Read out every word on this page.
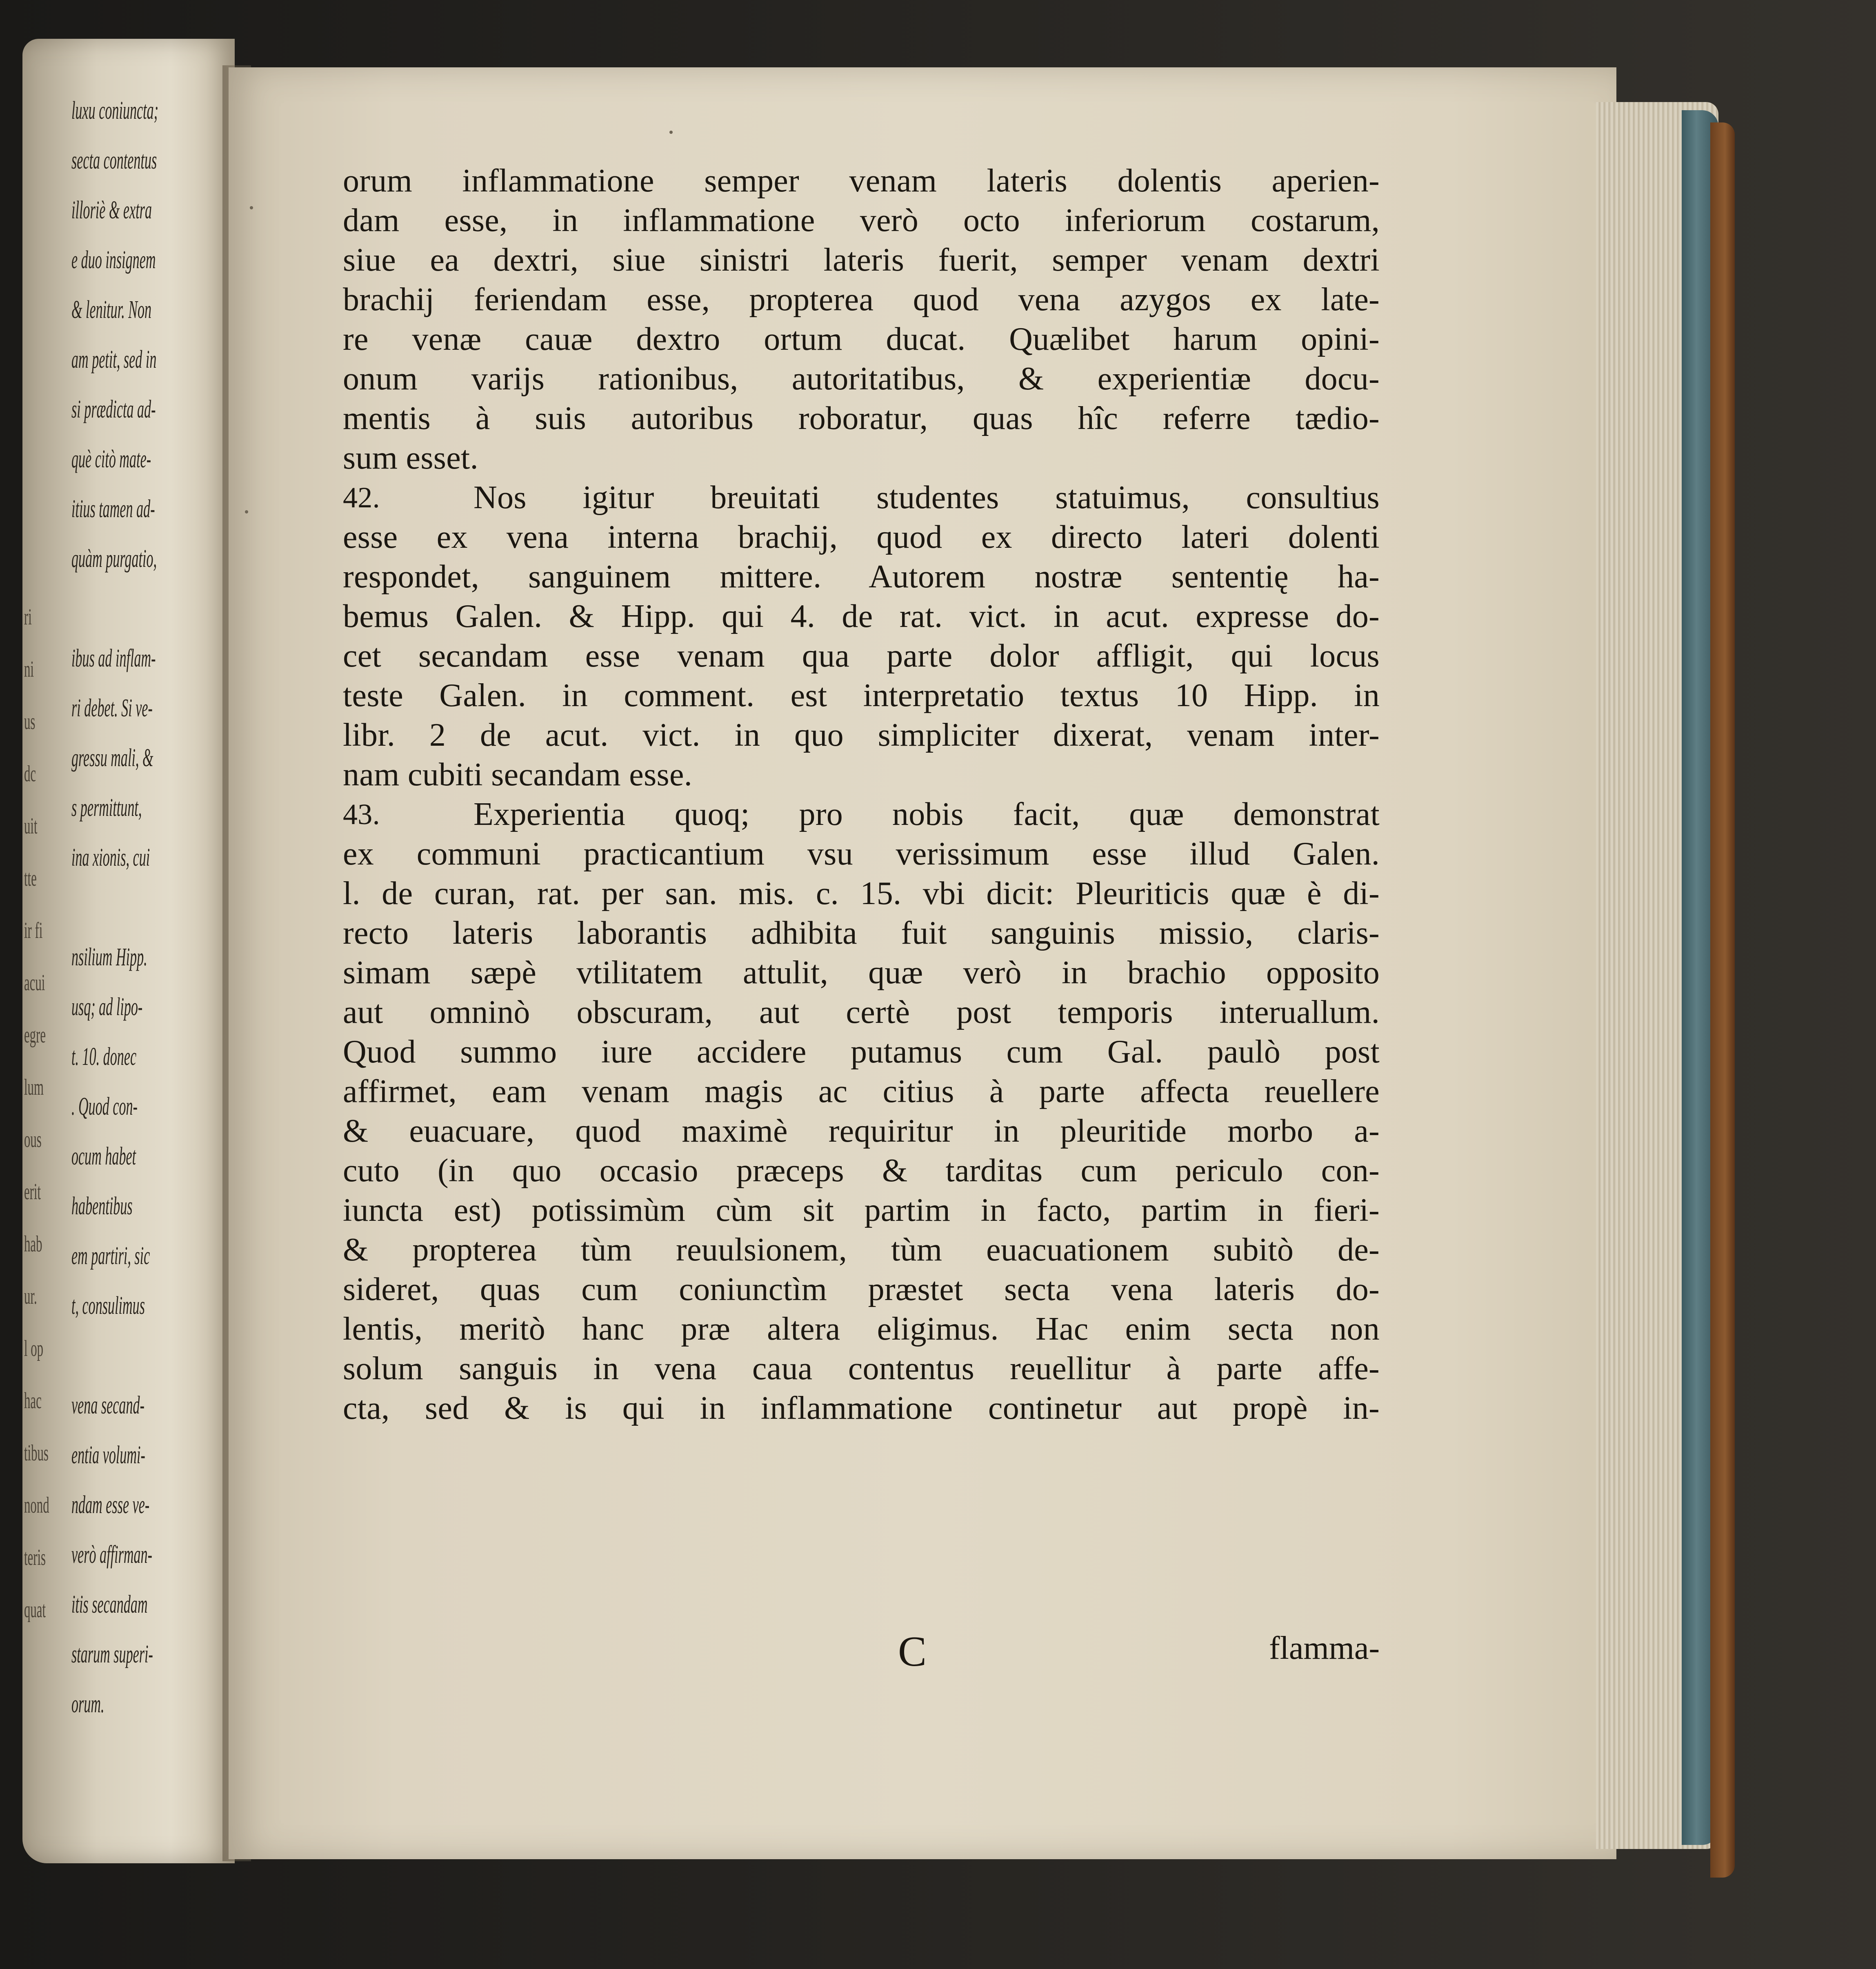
luxu coniuncta;
secta contentus
illoriè & extra
e duo insignem
& lenitur. Non
am petit, sed in
si prædicta ad-
què citò mate-
itius tamen ad-
quàm purgatio,
ibus ad inflam-
ri debet. Si ve-
gressu mali, &
s permittunt,
ina xionis, cui
nsilium Hipp.
usq; ad lipo-
t. 10. donec
. Quod con-
ocum habet
habentibus
em partiri, sic
t, consulimus
vena secand-
entia volumi-
ndam esse ve-
verò affirman-
itis secandam
starum superi-
orum.
ri
ni
us
dc
uit
tte
ir fi
acui
egre
lum
ous
erit
hab
ur.
l op
hac
tibus
nond
teris
quat
orum inflammatione semper venam lateris dolentis aperien-
dam esse, in inflammatione verò octo inferiorum costarum,
siue ea dextri, siue sinistri lateris fuerit, semper venam dextri
brachij feriendam esse, propterea quod vena azygos ex late-
re venæ cauæ dextro ortum ducat. Quælibet harum opini-
onum varijs rationibus, autoritatibus, & experientiæ docu-
mentis à suis autoribus roboratur, quas hîc referre tædio-
sum esset.
42.	Nos igitur breuitati studentes statuimus, consultius
esse ex vena interna brachij, quod ex directo lateri dolenti
respondet, sanguinem mittere. Autorem nostræ sententię ha-
bemus Galen. & Hipp. qui 4. de rat. vict. in acut. expresse do-
cet secandam esse venam qua parte dolor affligit, qui locus
teste Galen. in comment. est interpretatio textus 10 Hipp. in
libr. 2 de acut. vict. in quo simpliciter dixerat, venam inter-
nam cubiti secandam esse.
43.	Experientia quoq; pro nobis facit, quæ demonstrat
ex communi practicantium vsu verissimum esse illud Galen.
l. de curan, rat. per san. mis. c. 15. vbi dicit: Pleuriticis quæ è di-
recto lateris laborantis adhibita fuit sanguinis missio, claris-
simam sæpè vtilitatem attulit, quæ verò in brachio opposito
aut omninò obscuram, aut certè post temporis interuallum.
Quod summo iure accidere putamus cum Gal. paulò post
affirmet, eam venam magis ac citius à parte affecta reuellere
& euacuare, quod maximè requiritur in pleuritide morbo a-
cuto (in quo occasio præceps & tarditas cum periculo con-
iuncta est) potissimùm cùm sit partim in facto, partim in fieri-
& propterea tùm reuulsionem, tùm euacuationem subitò de-
sideret, quas cum coniunctìm præstet secta vena lateris do-
lentis, meritò hanc præ altera eligimus. Hac enim secta non
solum sanguis in vena caua contentus reuellitur à parte affe-
cta, sed & is qui in inflammatione continetur aut propè in-
C	flamma-
